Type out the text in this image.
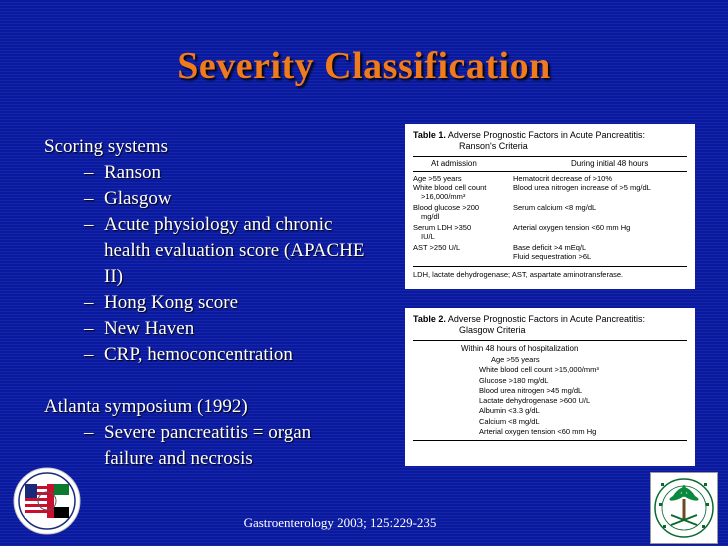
Severity Classification
Scoring systems
– Ranson
– Glasgow
– Acute physiology and chronic
health evaluation score (APACHE
II)
– Hong Kong score
– New Haven
– CRP, hemoconcentration
Atlanta symposium (1992)
– Severe pancreatitis = organ
failure and necrosis
Table 1. Adverse Prognostic Factors in Acute Pancreatitis:
Ranson's Criteria
At admission	During initial 48 hours
Age >55 years	Hematocrit decrease of >10%
White blood cell count	Blood urea nitrogen increase of >5 mg/dL
>16,000/mm³
Blood glucose >200	Serum calcium <8 mg/dL
mg/dl
Serum LDH >350	Arterial oxygen tension <60 mm Hg
IU/L
AST >250 U/L	Base deficit >4 mEq/L
Fluid sequestration >6L
LDH, lactate dehydrogenase; AST, aspartate aminotransferase.
Table 2. Adverse Prognostic Factors in Acute Pancreatitis:
Glasgow Criteria
Within 48 hours of hospitalization
Age >55 years
White blood cell count >15,000/mm³
Glucose >180 mg/dL
Blood urea nitrogen >45 mg/dL
Lactate dehydrogenase >600 U/L
Albumin <3.3 g/dL
Calcium <8 mg/dL
Arterial oxygen tension <60 mm Hg
Gastroenterology 2003; 125:229-235
